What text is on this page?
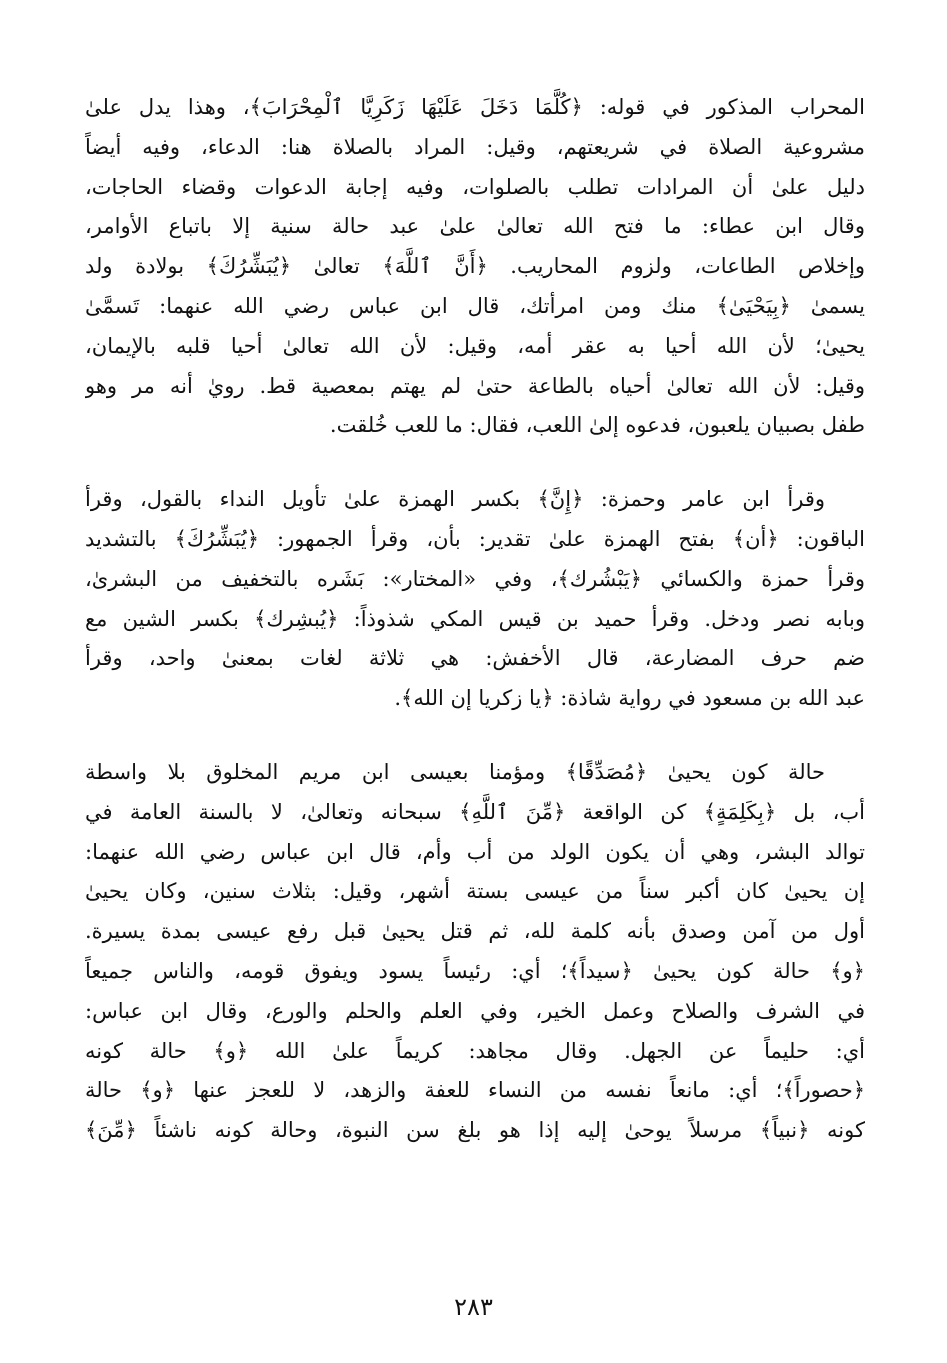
المحراب المذكور في قوله: ﴿كُلَّمَا دَخَلَ عَلَيْهَا زَكَرِيَّا ٱلْمِحْرَابَ﴾، وهذا يدل علىٰ
مشروعية الصلاة في شريعتهم، وقيل: المراد بالصلاة هنا: الدعاء، وفيه أيضاً
دليل علىٰ أن المرادات تطلب بالصلوات، وفيه إجابة الدعوات وقضاء الحاجات،
وقال ابن عطاء: ما فتح الله تعالىٰ علىٰ عبد حالة سنية إلا باتباع الأوامر،
وإخلاص الطاعات، ولزوم المحاريب. ﴿أَنَّ ٱللَّهَ﴾ تعالىٰ ﴿يُبَشِّرُكَ﴾ بولادة ولد
يسمىٰ ﴿بِيَحْيَىٰ﴾ منك ومن امرأتك، قال ابن عباس رضي الله عنهما: تَسمَّىٰ
يحيىٰ؛ لأن الله أحيا به عقر أمه، وقيل: لأن الله تعالىٰ أحيا قلبه بالإيمان،
وقيل: لأن الله تعالىٰ أحياه بالطاعة حتىٰ لم يهتم بمعصية قط. رويٰ أنه مر وهو
طفل بصبيان يلعبون، فدعوه إلىٰ اللعب، فقال: ما للعب خُلقت.
وقرأ ابن عامر وحمزة: ﴿إِنَّ﴾ بكسر الهمزة علىٰ تأويل النداء بالقول، وقرأ
الباقون: ﴿أن﴾ بفتح الهمزة علىٰ تقدير: بأن، وقرأ الجمهور: ﴿يُبَشِّرُكَ﴾ بالتشديد
وقرأ حمزة والكسائي ﴿يَبْشُرك﴾، وفي «المختار»: بَشَره بالتخفيف من البشرىٰ،
وبابه نصر ودخل. وقرأ حميد بن قيس المكي شذوذاً: ﴿يُبشِرك﴾ بكسر الشين مع
ضم حرف المضارعة، قال الأخفش: هي ثلاثة لغات بمعنىٰ واحد، وقرأ
عبد الله بن مسعود في رواية شاذة: ﴿يا زكريا إن الله﴾.
حالة كون يحيىٰ ﴿مُصَدِّقًا﴾ ومؤمنا بعيسى ابن مريم المخلوق بلا واسطة
أب، بل ﴿بِكَلِمَةٍ﴾ كن الواقعة ﴿مِّنَ ٱللَّهِ﴾ سبحانه وتعالىٰ، لا بالسنة العامة في
توالد البشر، وهي أن يكون الولد من أب وأم، قال ابن عباس رضي الله عنهما:
إن يحيىٰ كان أكبر سناً من عيسى بستة أشهر، وقيل: بثلاث سنين، وكان يحيىٰ
أول من آمن وصدق بأنه كلمة لله، ثم قتل يحيىٰ قبل رفع عيسى بمدة يسيرة.
﴿و﴾ حالة كون يحيىٰ ﴿سيداً﴾؛ أي: رئيساً يسود ويفوق قومه، والناس جميعاً
في الشرف والصلاح وعمل الخير، وفي العلم والحلم والورع، وقال ابن عباس:
أي: حليماً عن الجهل. وقال مجاهد: كريماً علىٰ الله ﴿و﴾ حالة كونه
﴿حصوراً﴾؛ أي: مانعاً نفسه من النساء للعفة والزهد، لا للعجز عنها ﴿و﴾ حالة
كونه ﴿نبياً﴾ مرسلاً يوحىٰ إليه إذا هو بلغ سن النبوة، وحالة كونه ناشئاً ﴿مِّنَ﴾
٢٨٣
